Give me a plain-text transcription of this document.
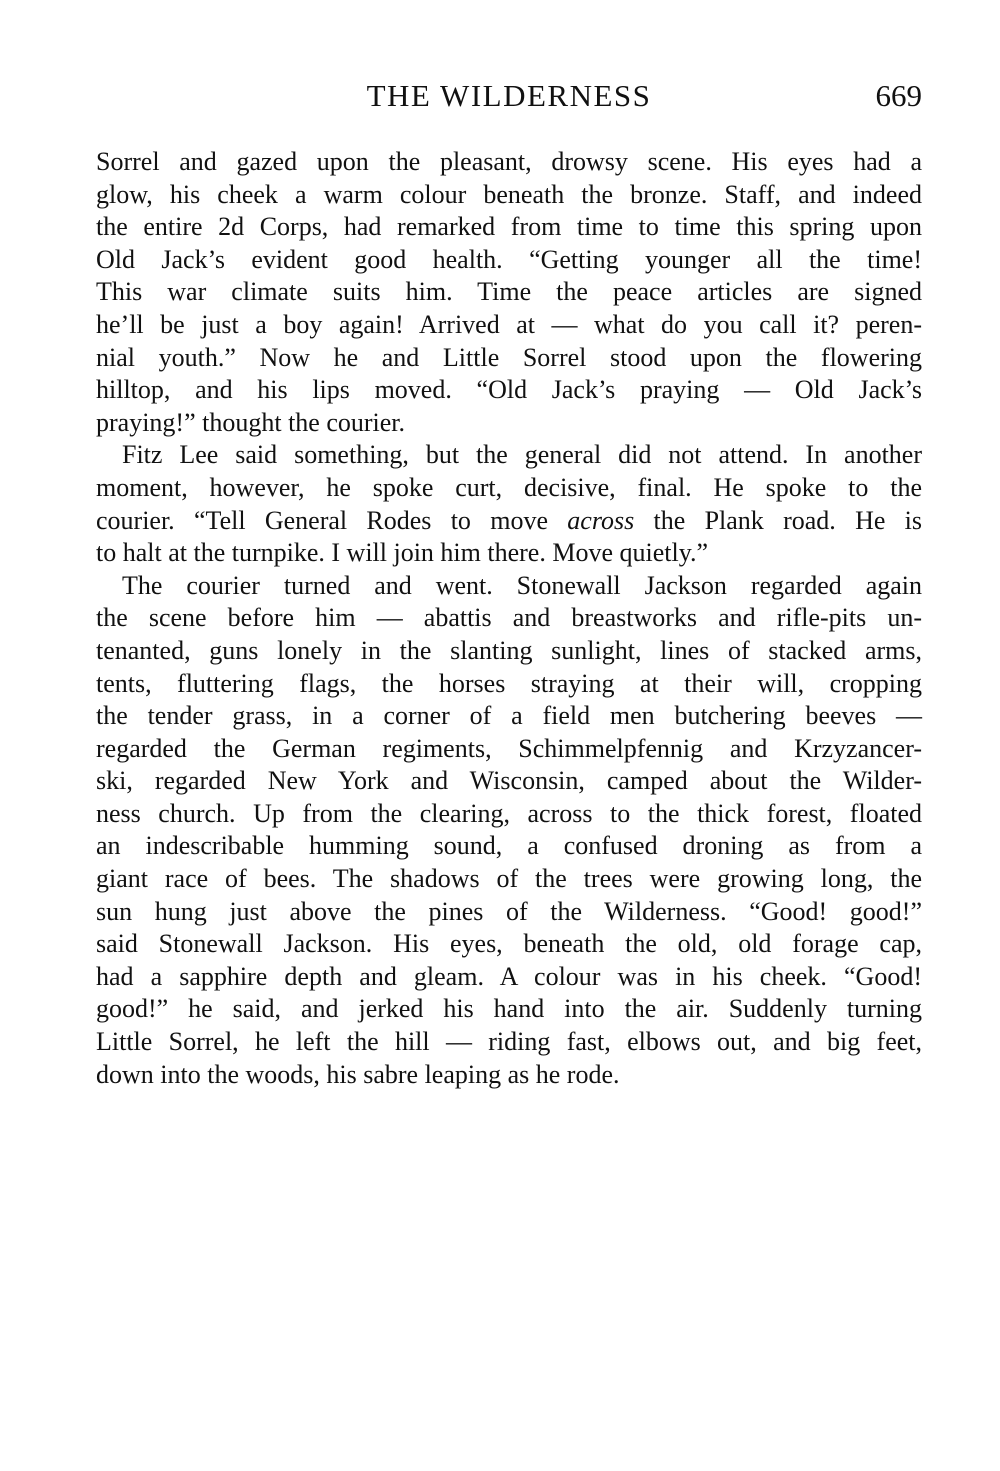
THE WILDERNESS	669
Sorrel and gazed upon the pleasant, drowsy scene. His eyes had a
glow, his cheek a warm colour beneath the bronze. Staff, and indeed
the entire 2d Corps, had remarked from time to time this spring upon
Old Jack’s evident good health. “Getting younger all the time!
This war climate suits him. Time the peace articles are signed
he’ll be just a boy again! Arrived at — what do you call it? peren-
nial youth.” Now he and Little Sorrel stood upon the flowering
hilltop, and his lips moved. “Old Jack’s praying — Old Jack’s
praying!” thought the courier.
Fitz Lee said something, but the general did not attend. In another
moment, however, he spoke curt, decisive, final. He spoke to the
courier. “Tell General Rodes to move across the Plank road. He is
to halt at the turnpike. I will join him there. Move quietly.”
The courier turned and went. Stonewall Jackson regarded again
the scene before him — abattis and breastworks and rifle-pits un-
tenanted, guns lonely in the slanting sunlight, lines of stacked arms,
tents, fluttering flags, the horses straying at their will, cropping
the tender grass, in a corner of a field men butchering beeves —
regarded the German regiments, Schimmelpfennig and Krzyzancer-
ski, regarded New York and Wisconsin, camped about the Wilder-
ness church. Up from the clearing, across to the thick forest, floated
an indescribable humming sound, a confused droning as from a
giant race of bees. The shadows of the trees were growing long, the
sun hung just above the pines of the Wilderness. “Good! good!”
said Stonewall Jackson. His eyes, beneath the old, old forage cap,
had a sapphire depth and gleam. A colour was in his cheek. “Good!
good!” he said, and jerked his hand into the air. Suddenly turning
Little Sorrel, he left the hill — riding fast, elbows out, and big feet,
down into the woods, his sabre leaping as he rode.
